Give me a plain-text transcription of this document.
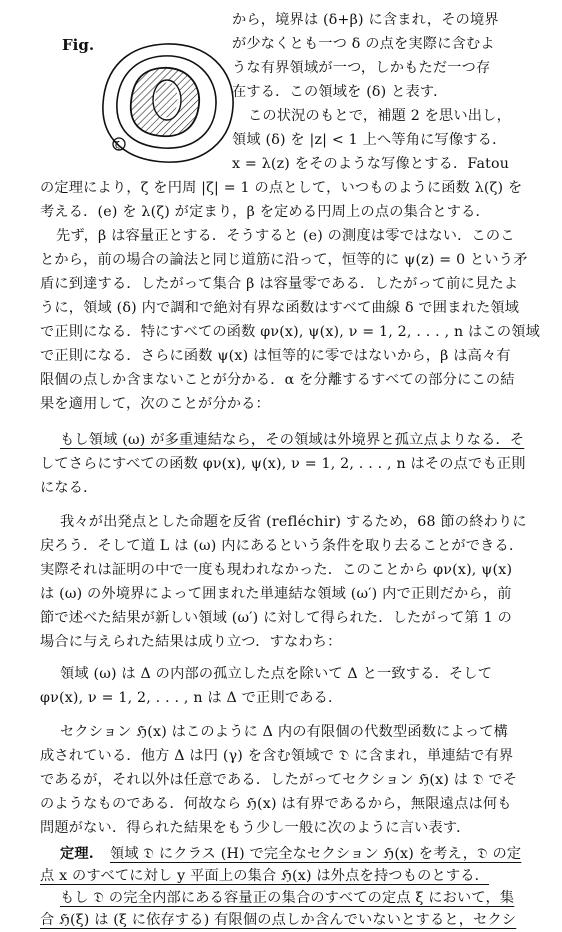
Fig.
ζ
から，境界は (δ+β) に含まれ，その境界
が少なくとも一つ δ の点を実際に含むよ
うな有界領域が一つ，しかもただ一つ存
在する．この領域を (δ) と表す．
この状況のもとで，補題 2 を思い出し，
領域 (δ) を |z| < 1 上へ等角に写像する．
x = λ(z) をそのような写像とする．Fatou
の定理により，ζ を円周 |ζ| = 1 の点として，いつものように函数 λ(ζ) を
考える．(e) を λ(ζ) が定まり，β を定める円周上の点の集合とする．
先ず，β は容量正とする．そうすると (e) の測度は零ではない．このこ
とから，前の場合の論法と同じ道筋に沿って，恒等的に ψ(z) = 0 という矛
盾に到達する．したがって集合 β は容量零である．したがって前に見たよ
うに，領域 (δ) 内で調和で絶対有界な函数はすべて曲線 δ で囲まれた領域
で正則になる．特にすべての函数 φν(x), ψ(x), ν = 1, 2, . . . , n はこの領域
で正則になる．さらに函数 ψ(x) は恒等的に零ではないから，β は高々有
限個の点しか含まないことが分かる．α を分離するすべての部分にこの結
果を適用して，次のことが分かる：
もし領域 (ω) が多重連結なら，その領域は外境界と孤立点よりなる．そ
してさらにすべての函数 φν(x), ψ(x), ν = 1, 2, . . . , n はその点でも正則
になる．
我々が出発点とした命題を反省 (refléchir) するため，68 節の終わりに
戻ろう．そして道 L は (ω) 内にあるという条件を取り去ることができる．
実際それは証明の中で一度も現われなかった．このことから φν(x), ψ(x)
は (ω) の外境界によって囲まれた単連結な領域 (ω′) 内で正則だから，前
節で述べた結果が新しい領域 (ω′) に対して得られた．したがって第 1 の
場合に与えられた結果は成り立つ．すなわち：
領域 (ω) は Δ の内部の孤立した点を除いて Δ と一致する．そして
φν(x), ν = 1, 2, . . . , n は Δ で正則である．
セクション ℌ(x) はこのように Δ 内の有限個の代数型函数によって構
成されている．他方 Δ は円 (γ) を含む領域で 𝔇 に含まれ，単連結で有界
であるが，それ以外は任意である．したがってセクション ℌ(x) は 𝔇 でそ
のようなものである．何故なら ℌ(x) は有界であるから，無限遠点は何も
問題がない．得られた結果をもう少し一般に次のように言い表す．
定理. 領域 𝔇 にクラス (H) で完全なセクション ℌ(x) を考え，𝔇 の定
点 x のすべてに対し y 平面上の集合 ℌ(x) は外点を持つものとする．
もし 𝔇 の完全内部にある容量正の集合のすべての定点 ξ において，集
合 ℌ(ξ) は (ξ に依存する) 有限個の点しか含んでいないとすると，セクシ
